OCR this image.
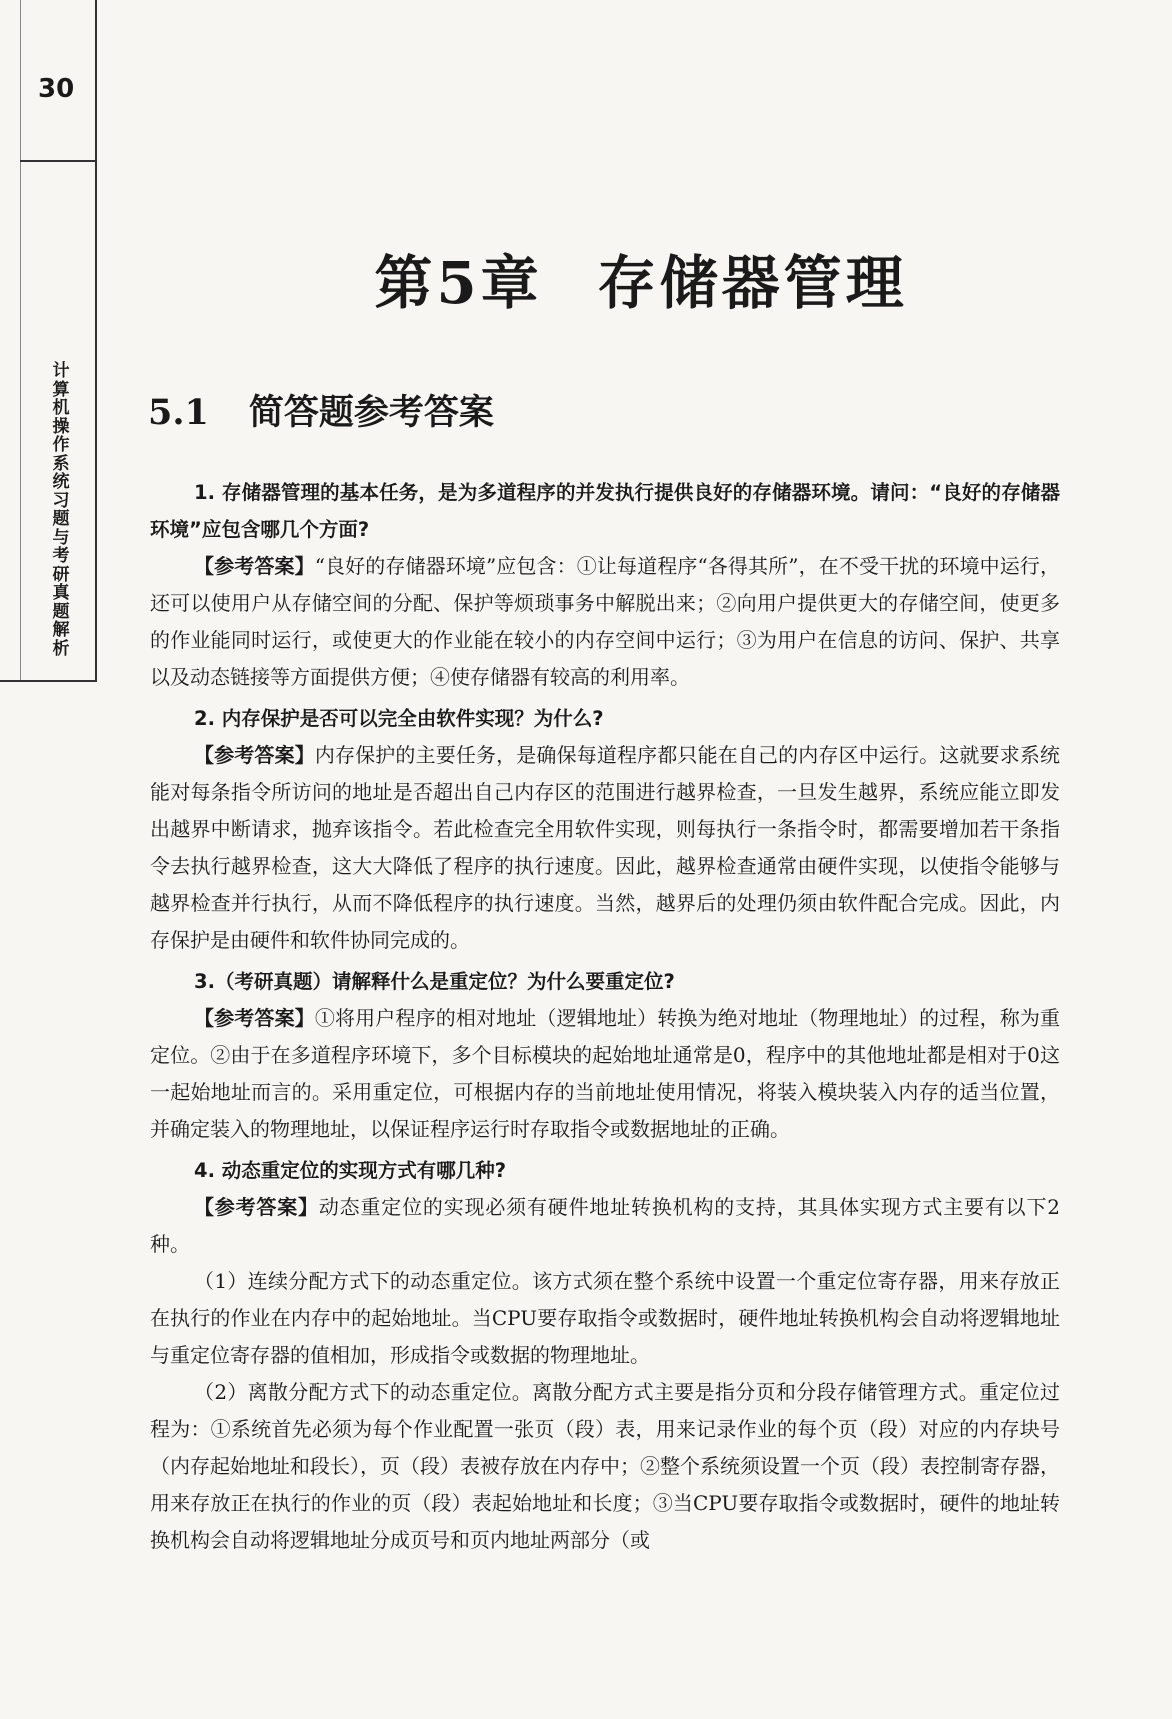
30
计算机操作系统习题与考研真题解析
第5章 存储器管理
5.1 简答题参考答案

1. 存储器管理的基本任务，是为多道程序的并发执行提供良好的存储器环境。请问：“良好的存储器环境”应包含哪几个方面?

【参考答案】“良好的存储器环境”应包含：①让每道程序“各得其所”，在不受干扰的环境中运行，还可以使用户从存储空间的分配、保护等烦琐事务中解脱出来；②向用户提供更大的存储空间，使更多的作业能同时运行，或使更大的作业能在较小的内存空间中运行；③为用户在信息的访问、保护、共享以及动态链接等方面提供方便；④使存储器有较高的利用率。

2. 内存保护是否可以完全由软件实现？为什么?

【参考答案】内存保护的主要任务，是确保每道程序都只能在自己的内存区中运行。这就要求系统能对每条指令所访问的地址是否超出自己内存区的范围进行越界检查，一旦发生越界，系统应能立即发出越界中断请求，抛弃该指令。若此检查完全用软件实现，则每执行一条指令时，都需要增加若干条指令去执行越界检查，这大大降低了程序的执行速度。因此，越界检查通常由硬件实现，以使指令能够与越界检查并行执行，从而不降低程序的执行速度。当然，越界后的处理仍须由软件配合完成。因此，内存保护是由硬件和软件协同完成的。

3.（考研真题）请解释什么是重定位？为什么要重定位?

【参考答案】①将用户程序的相对地址（逻辑地址）转换为绝对地址（物理地址）的过程，称为重定位。②由于在多道程序环境下，多个目标模块的起始地址通常是0，程序中的其他地址都是相对于0这一起始地址而言的。采用重定位，可根据内存的当前地址使用情况，将装入模块装入内存的适当位置，并确定装入的物理地址，以保证程序运行时存取指令或数据地址的正确。

4. 动态重定位的实现方式有哪几种?

【参考答案】动态重定位的实现必须有硬件地址转换机构的支持，其具体实现方式主要有以下2种。

（1）连续分配方式下的动态重定位。该方式须在整个系统中设置一个重定位寄存器，用来存放正在执行的作业在内存中的起始地址。当CPU要存取指令或数据时，硬件地址转换机构会自动将逻辑地址与重定位寄存器的值相加，形成指令或数据的物理地址。

（2）离散分配方式下的动态重定位。离散分配方式主要是指分页和分段存储管理方式。重定位过程为：①系统首先必须为每个作业配置一张页（段）表，用来记录作业的每个页（段）对应的内存块号（内存起始地址和段长），页（段）表被存放在内存中；②整个系统须设置一个页（段）表控制寄存器，用来存放正在执行的作业的页（段）表起始地址和长度；③当CPU要存取指令或数据时，硬件的地址转换机构会自动将逻辑地址分成页号和页内地址两部分（或
